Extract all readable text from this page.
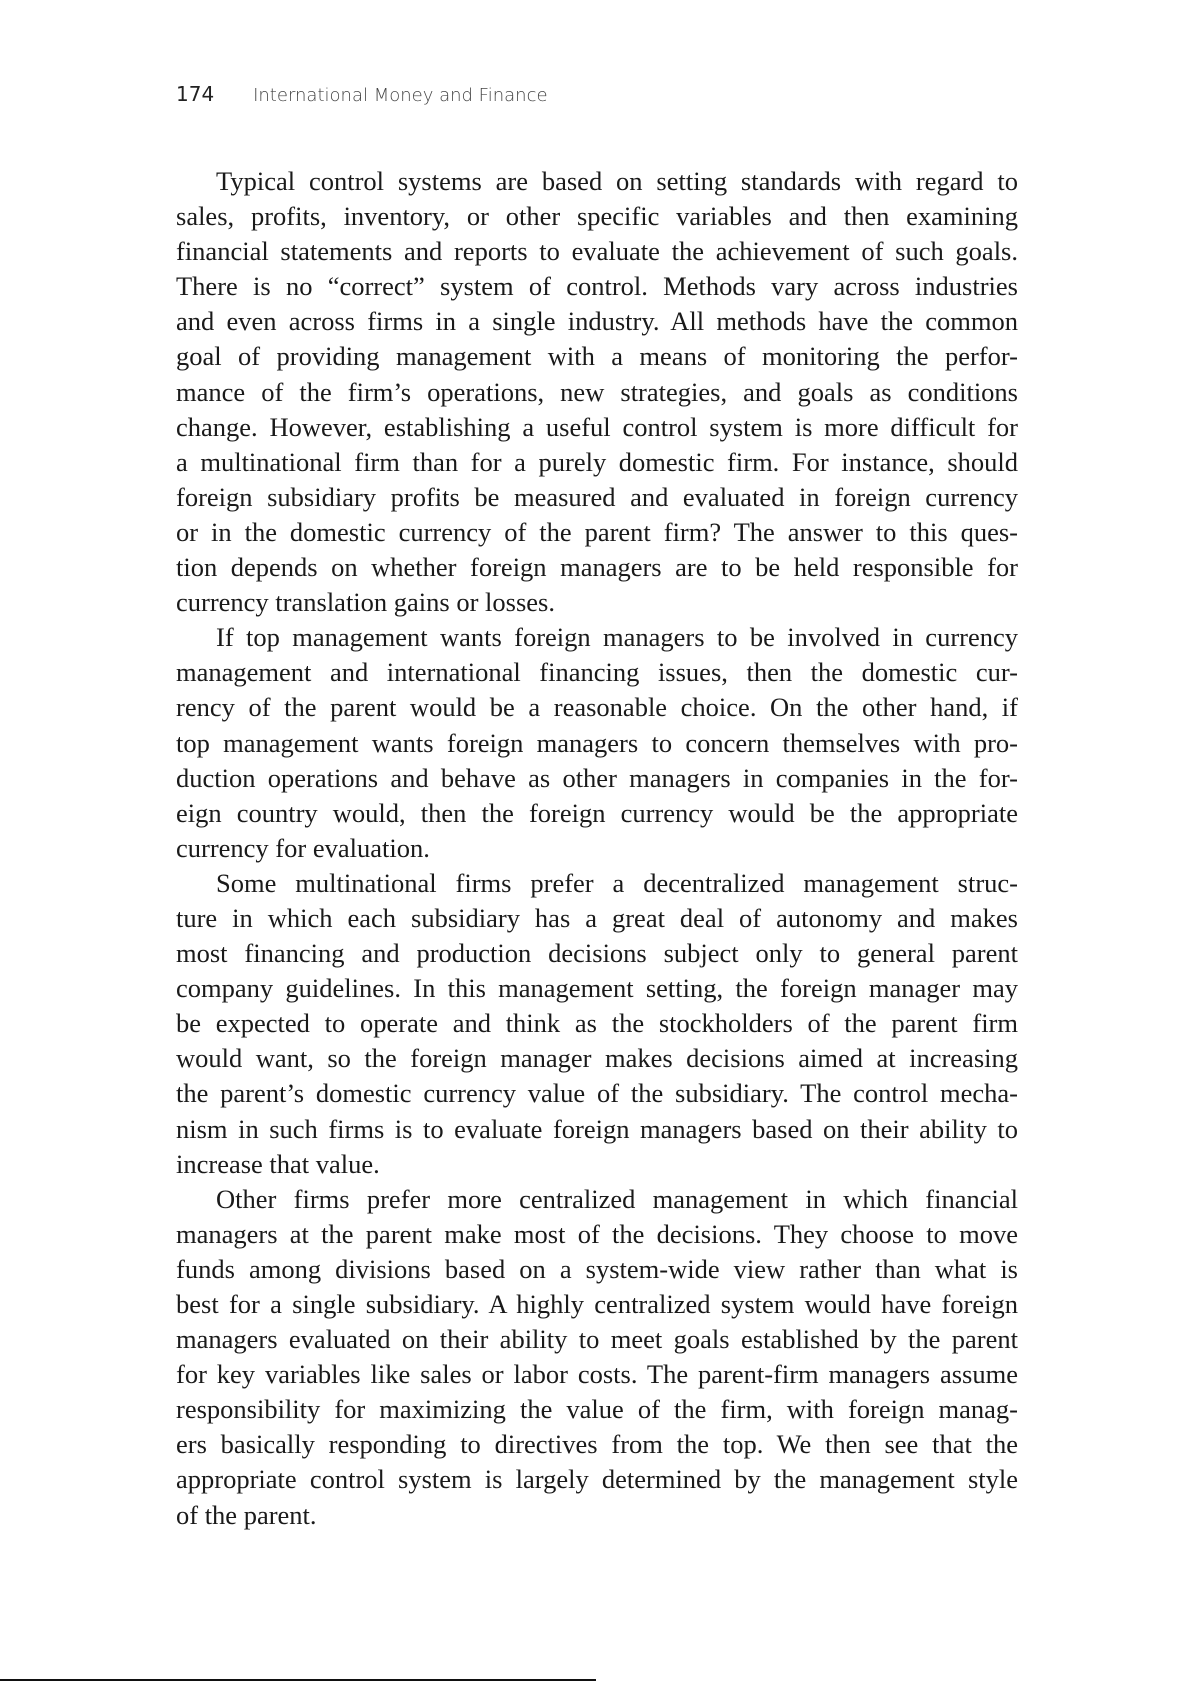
174 International Money and Finance
Typical control systems are based on setting standards with regard to
sales, profits, inventory, or other specific variables and then examining
financial statements and reports to evaluate the achievement of such goals.
There is no “correct” system of control. Methods vary across industries
and even across firms in a single industry. All methods have the common
goal of providing management with a means of monitoring the perfor-
mance of the firm’s operations, new strategies, and goals as conditions
change. However, establishing a useful control system is more difficult for
a multinational firm than for a purely domestic firm. For instance, should
foreign subsidiary profits be measured and evaluated in foreign currency
or in the domestic currency of the parent firm? The answer to this ques-
tion depends on whether foreign managers are to be held responsible for
currency translation gains or losses.
If top management wants foreign managers to be involved in currency
management and international financing issues, then the domestic cur-
rency of the parent would be a reasonable choice. On the other hand, if
top management wants foreign managers to concern themselves with pro-
duction operations and behave as other managers in companies in the for-
eign country would, then the foreign currency would be the appropriate
currency for evaluation.
Some multinational firms prefer a decentralized management struc-
ture in which each subsidiary has a great deal of autonomy and makes
most financing and production decisions subject only to general parent
company guidelines. In this management setting, the foreign manager may
be expected to operate and think as the stockholders of the parent firm
would want, so the foreign manager makes decisions aimed at increasing
the parent’s domestic currency value of the subsidiary. The control mecha-
nism in such firms is to evaluate foreign managers based on their ability to
increase that value.
Other firms prefer more centralized management in which financial
managers at the parent make most of the decisions. They choose to move
funds among divisions based on a system-wide view rather than what is
best for a single subsidiary. A highly centralized system would have foreign
managers evaluated on their ability to meet goals established by the parent
for key variables like sales or labor costs. The parent-firm managers assume
responsibility for maximizing the value of the firm, with foreign manag-
ers basically responding to directives from the top. We then see that the
appropriate control system is largely determined by the management style
of the parent.
